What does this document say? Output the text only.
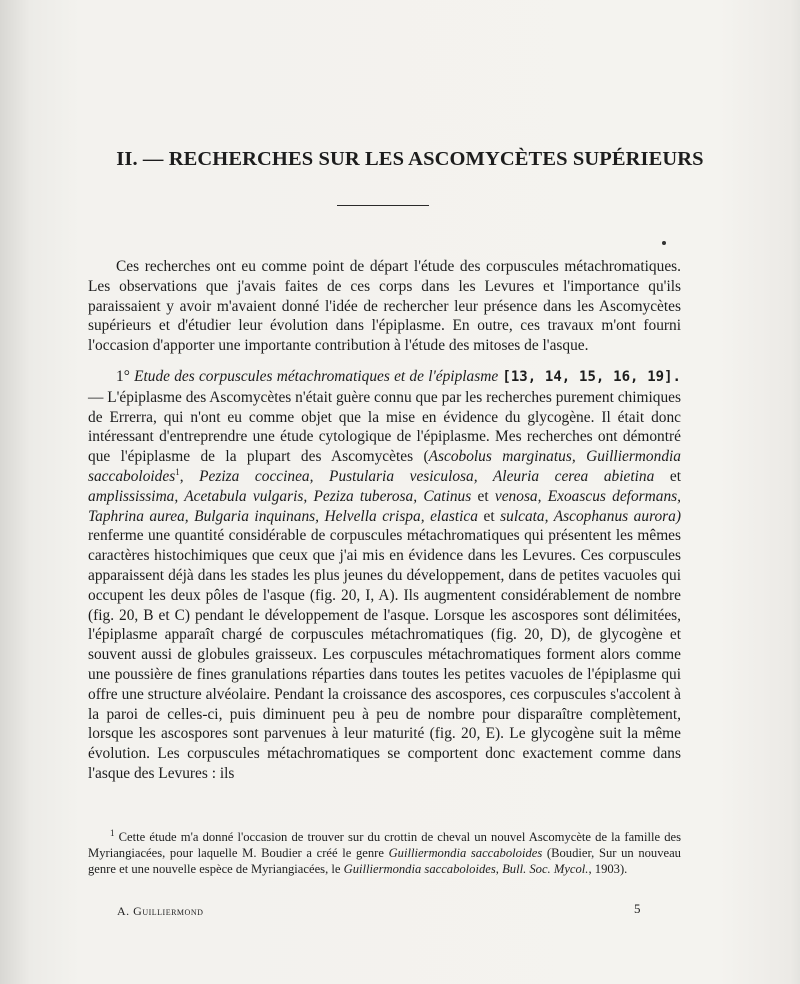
II. — RECHERCHES SUR LES ASCOMYCÈTES SUPÉRIEURS

Ces recherches ont eu comme point de départ l'étude des corpuscules métachromatiques. Les observations que j'avais faites de ces corps dans les Levures et l'importance qu'ils paraissaient y avoir m'avaient donné l'idée de rechercher leur présence dans les Ascomycètes supérieurs et d'étudier leur évolution dans l'épiplasme. En outre, ces travaux m'ont fourni l'occasion d'apporter une importante contribution à l'étude des mitoses de l'asque.

1° Etude des corpuscules métachromatiques et de l'épiplasme [13, 14, 15, 16, 19]. — L'épiplasme des Ascomycètes n'était guère connu que par les recherches purement chimiques de Errerra, qui n'ont eu comme objet que la mise en évidence du glycogène. Il était donc intéressant d'entreprendre une étude cytologique de l'épiplasme. Mes recherches ont démontré que l'épiplasme de la plupart des Ascomycètes (Ascobolus marginatus, Guilliermondia saccaboloides$^1$, Peziza coccinea, Pustularia vesiculosa, Aleuria cerea abietina et amplississima, Acetabula vulgaris, Peziza tuberosa, Catinus et venosa, Exoascus deformans, Taphrina aurea, Bulgaria inquinans, Helvella crispa, elastica et sulcata, Ascophanus aurora) renferme une quantité considérable de corpuscules métachromatiques qui présentent les mêmes caractères histochimiques que ceux que j'ai mis en évidence dans les Levures. Ces corpuscules apparaissent déjà dans les stades les plus jeunes du développement, dans de petites vacuoles qui occupent les deux pôles de l'asque (fig. 20, I, A). Ils augmentent considérablement de nombre (fig. 20, B et C) pendant le développement de l'asque. Lorsque les ascospores sont délimitées, l'épiplasme apparaît chargé de corpuscules métachromatiques (fig. 20, D), de glycogène et souvent aussi de globules graisseux. Les corpuscules métachromatiques forment alors comme une poussière de fines granulations réparties dans toutes les petites vacuoles de l'épiplasme qui offre une structure alvéolaire. Pendant la croissance des ascospores, ces corpuscules s'accolent à la paroi de celles-ci, puis diminuent peu à peu de nombre pour disparaître complètement, lorsque les ascospores sont parvenues à leur maturité (fig. 20, E). Le glycogène suit la même évolution. Les corpuscules métachromatiques se comportent donc exactement comme dans l'asque des Levures : ils

$^1$ Cette étude m'a donné l'occasion de trouver sur du crottin de cheval un nouvel Ascomycète de la famille des Myriangiacées, pour laquelle M. Boudier a créé le genre Guilliermondia saccaboloides (Boudier, Sur un nouveau genre et une nouvelle espèce de Myriangiacées, le Guilliermondia saccaboloides, Bull. Soc. Mycol., 1903).
A. Guilliermond	5
